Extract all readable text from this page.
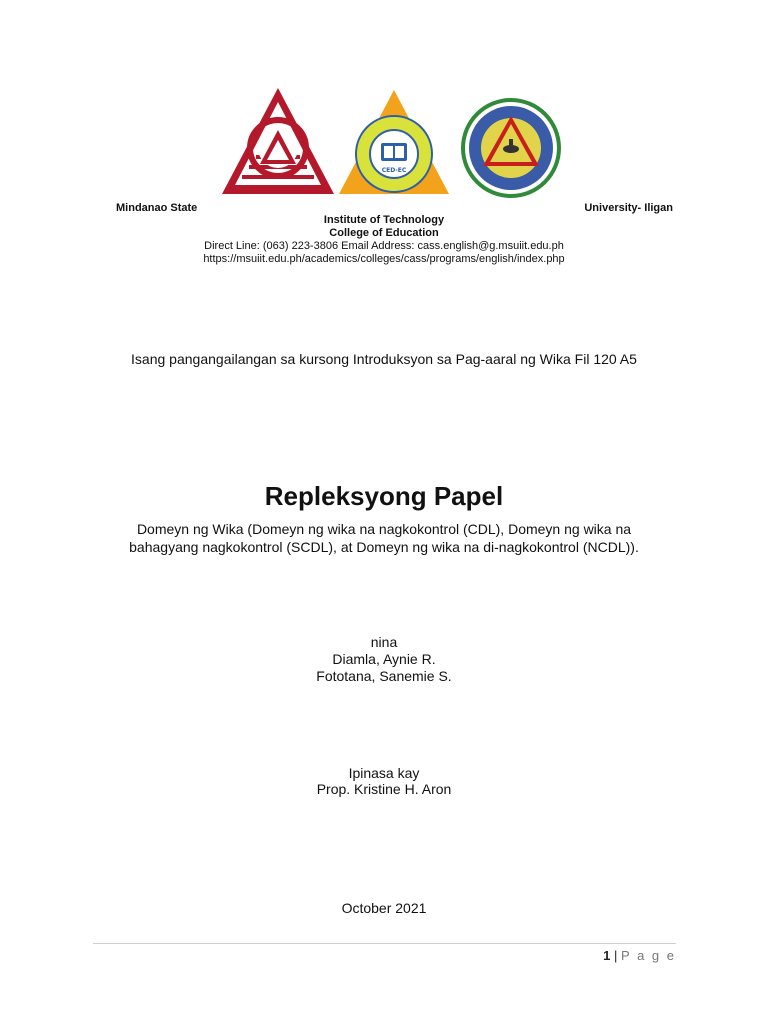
CED-EC
Mindanao State	University- Iligan
Institute of Technology
College of Education
Direct Line: (063) 223-3806 Email Address: cass.english@g.msuiit.edu.ph
https://msuiit.edu.ph/academics/colleges/cass/programs/english/index.php
Isang pangangailangan sa kursong Introduksyon sa Pag-aaral ng Wika Fil 120 A5
Repleksyong Papel
Domeyn ng Wika (Domeyn ng wika na nagkokontrol (CDL), Domeyn ng wika na
bahagyang nagkokontrol (SCDL), at Domeyn ng wika na di-nagkokontrol (NCDL)).
nina
Diamla, Aynie R.
Fototana, Sanemie S.
Ipinasa kay
Prop. Kristine H. Aron
October 2021
1 | P a g e
